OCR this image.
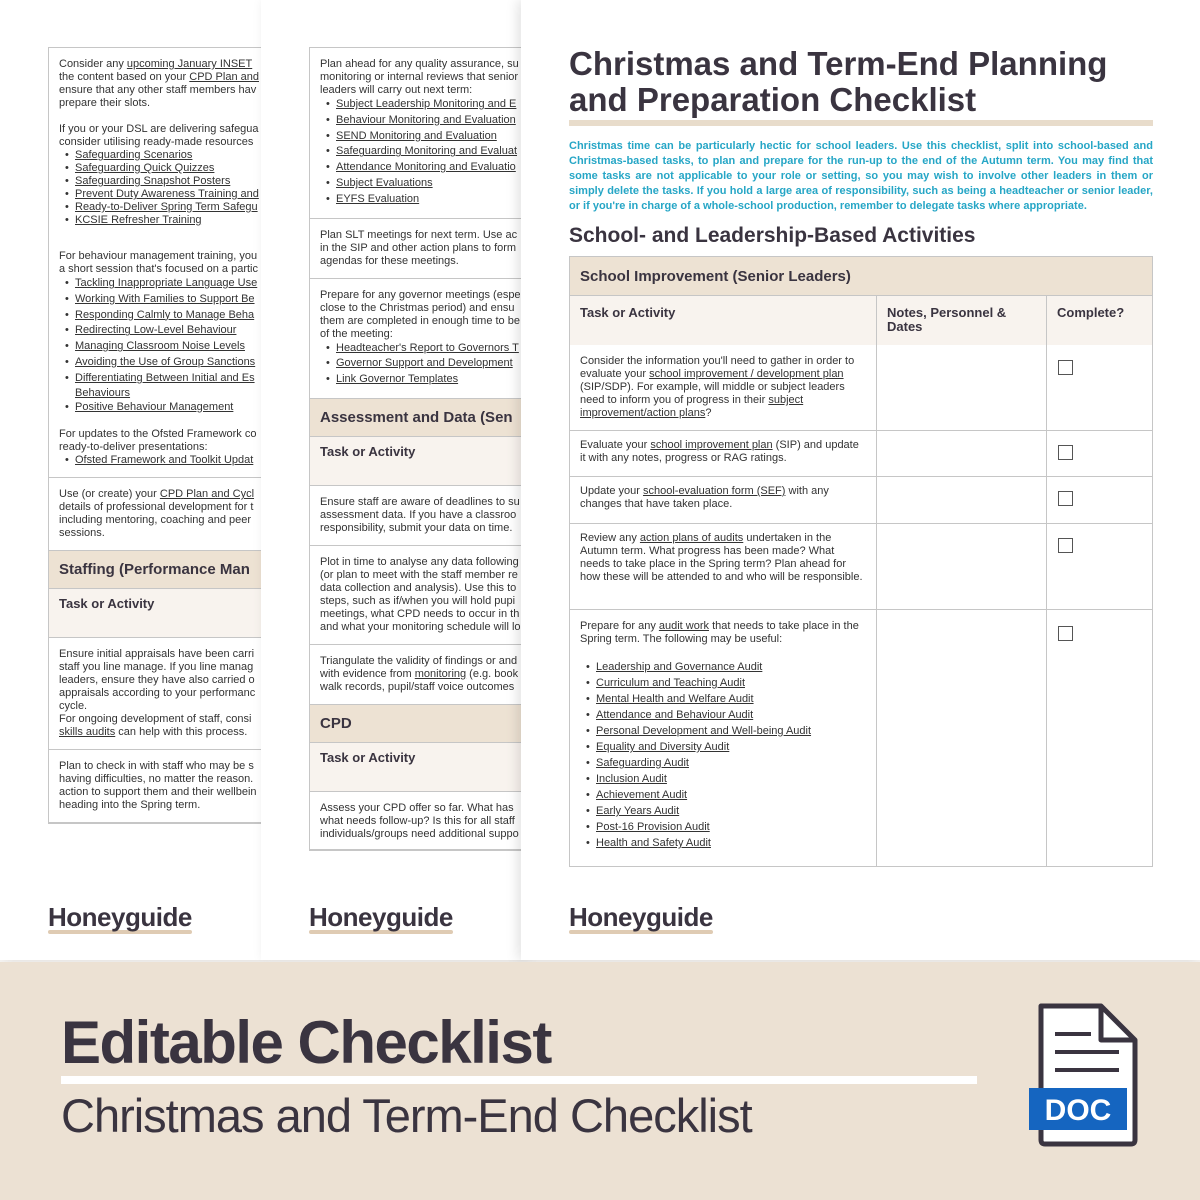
Consider any upcoming January INSET

the content based on your CPD Plan and

ensure that any other staff members hav

prepare their slots.

If you or your DSL are delivering safegua

consider utilising ready-made resources

• Safeguarding Scenarios
• Safeguarding Quick Quizzes
• Safeguarding Snapshot Posters
• Prevent Duty Awareness Training and
• Ready-to-Deliver Spring Term Safegu
• KCSIE Refresher Training

For behaviour management training, you

a short session that's focused on a partic

• Tackling Inappropriate Language Use
• Working With Families to Support Be
• Responding Calmly to Manage Beha
• Redirecting Low-Level Behaviour
• Managing Classroom Noise Levels
• Avoiding the Use of Group Sanctions
• Differentiating Between Initial and Es
Behaviours
• Positive Behaviour Management

For updates to the Ofsted Framework co

ready-to-deliver presentations:

• Ofsted Framework and Toolkit Updat

Use (or create) your CPD Plan and Cycl

details of professional development for t

including mentoring, coaching and peer

sessions.

Staffing (Performance Man
Task or Activity

Ensure initial appraisals have been carri

staff you line manage. If you line manag

leaders, ensure they have also carried o

appraisals according to your performanc

cycle.

For ongoing development of staff, consi

skills audits can help with this process.

Plan to check in with staff who may be s

having difficulties, no matter the reason.

action to support them and their wellbein

heading into the Spring term.

Honeyguide

Plan ahead for any quality assurance, su

monitoring or internal reviews that senior

leaders will carry out next term:

• Subject Leadership Monitoring and E
• Behaviour Monitoring and Evaluation
• SEND Monitoring and Evaluation
• Safeguarding Monitoring and Evaluat
• Attendance Monitoring and Evaluatio
• Subject Evaluations
• EYFS Evaluation

Plan SLT meetings for next term. Use ac

in the SIP and other action plans to form

agendas for these meetings.

Prepare for any governor meetings (espe

close to the Christmas period) and ensu

them are completed in enough time to be

of the meeting:

• Headteacher's Report to Governors T
• Governor Support and Development
• Link Governor Templates
Assessment and Data (Sen
Task or Activity

Ensure staff are aware of deadlines to su

assessment data. If you have a classroo

responsibility, submit your data on time.

Plot in time to analyse any data following

(or plan to meet with the staff member re

data collection and analysis). Use this to

steps, such as if/when you will hold pupi

meetings, what CPD needs to occur in th

and what your monitoring schedule will lo

Triangulate the validity of findings or and

with evidence from monitoring (e.g. book

walk records, pupil/staff voice outcomes

CPD
Task or Activity

Assess your CPD offer so far. What has

what needs follow-up? Is this for all staff

individuals/groups need additional suppo

Honeyguide
Christmas and Term-End Planning and Preparation Checklist
Christmas time can be particularly hectic for school leaders. Use this checklist, split into school-based and Christmas-based tasks, to plan and prepare for the run-up to the end of the Autumn term. You may find that some tasks are not applicable to your role or setting, so you may wish to involve other leaders in them or simply delete the tasks. If you hold a large area of responsibility, such as being a headteacher or senior leader, or if you're in charge of a whole-school production, remember to delegate tasks where appropriate.
School- and Leadership-Based Activities
School Improvement (Senior Leaders)
Task or Activity	Notes, Personnel & Dates
Complete?
Consider the information you'll need to gather in order to evaluate your school improvement / development plan (SIP/SDP). For example, will middle or subject leaders need to inform you of progress in their subject improvement/action plans?
Evaluate your school improvement plan (SIP) and update it with any notes, progress or RAG ratings.
Update your school-evaluation form (SEF) with any changes that have taken place.
Review any action plans of audits undertaken in the Autumn term. What progress has been made? What needs to take place in the Spring term? Plan ahead for how these will be attended to and who will be responsible.
Prepare for any audit work that needs to take place in the Spring term. The following may be useful:
• Leadership and Governance Audit
• Curriculum and Teaching Audit
• Mental Health and Welfare Audit
• Attendance and Behaviour Audit
• Personal Development and Well-being Audit
• Equality and Diversity Audit
• Safeguarding Audit
• Inclusion Audit
• Achievement Audit
• Early Years Audit
• Post-16 Provision Audit
• Health and Safety Audit
Honeyguide
Editable Checklist
Christmas and Term-End Checklist	DOC
